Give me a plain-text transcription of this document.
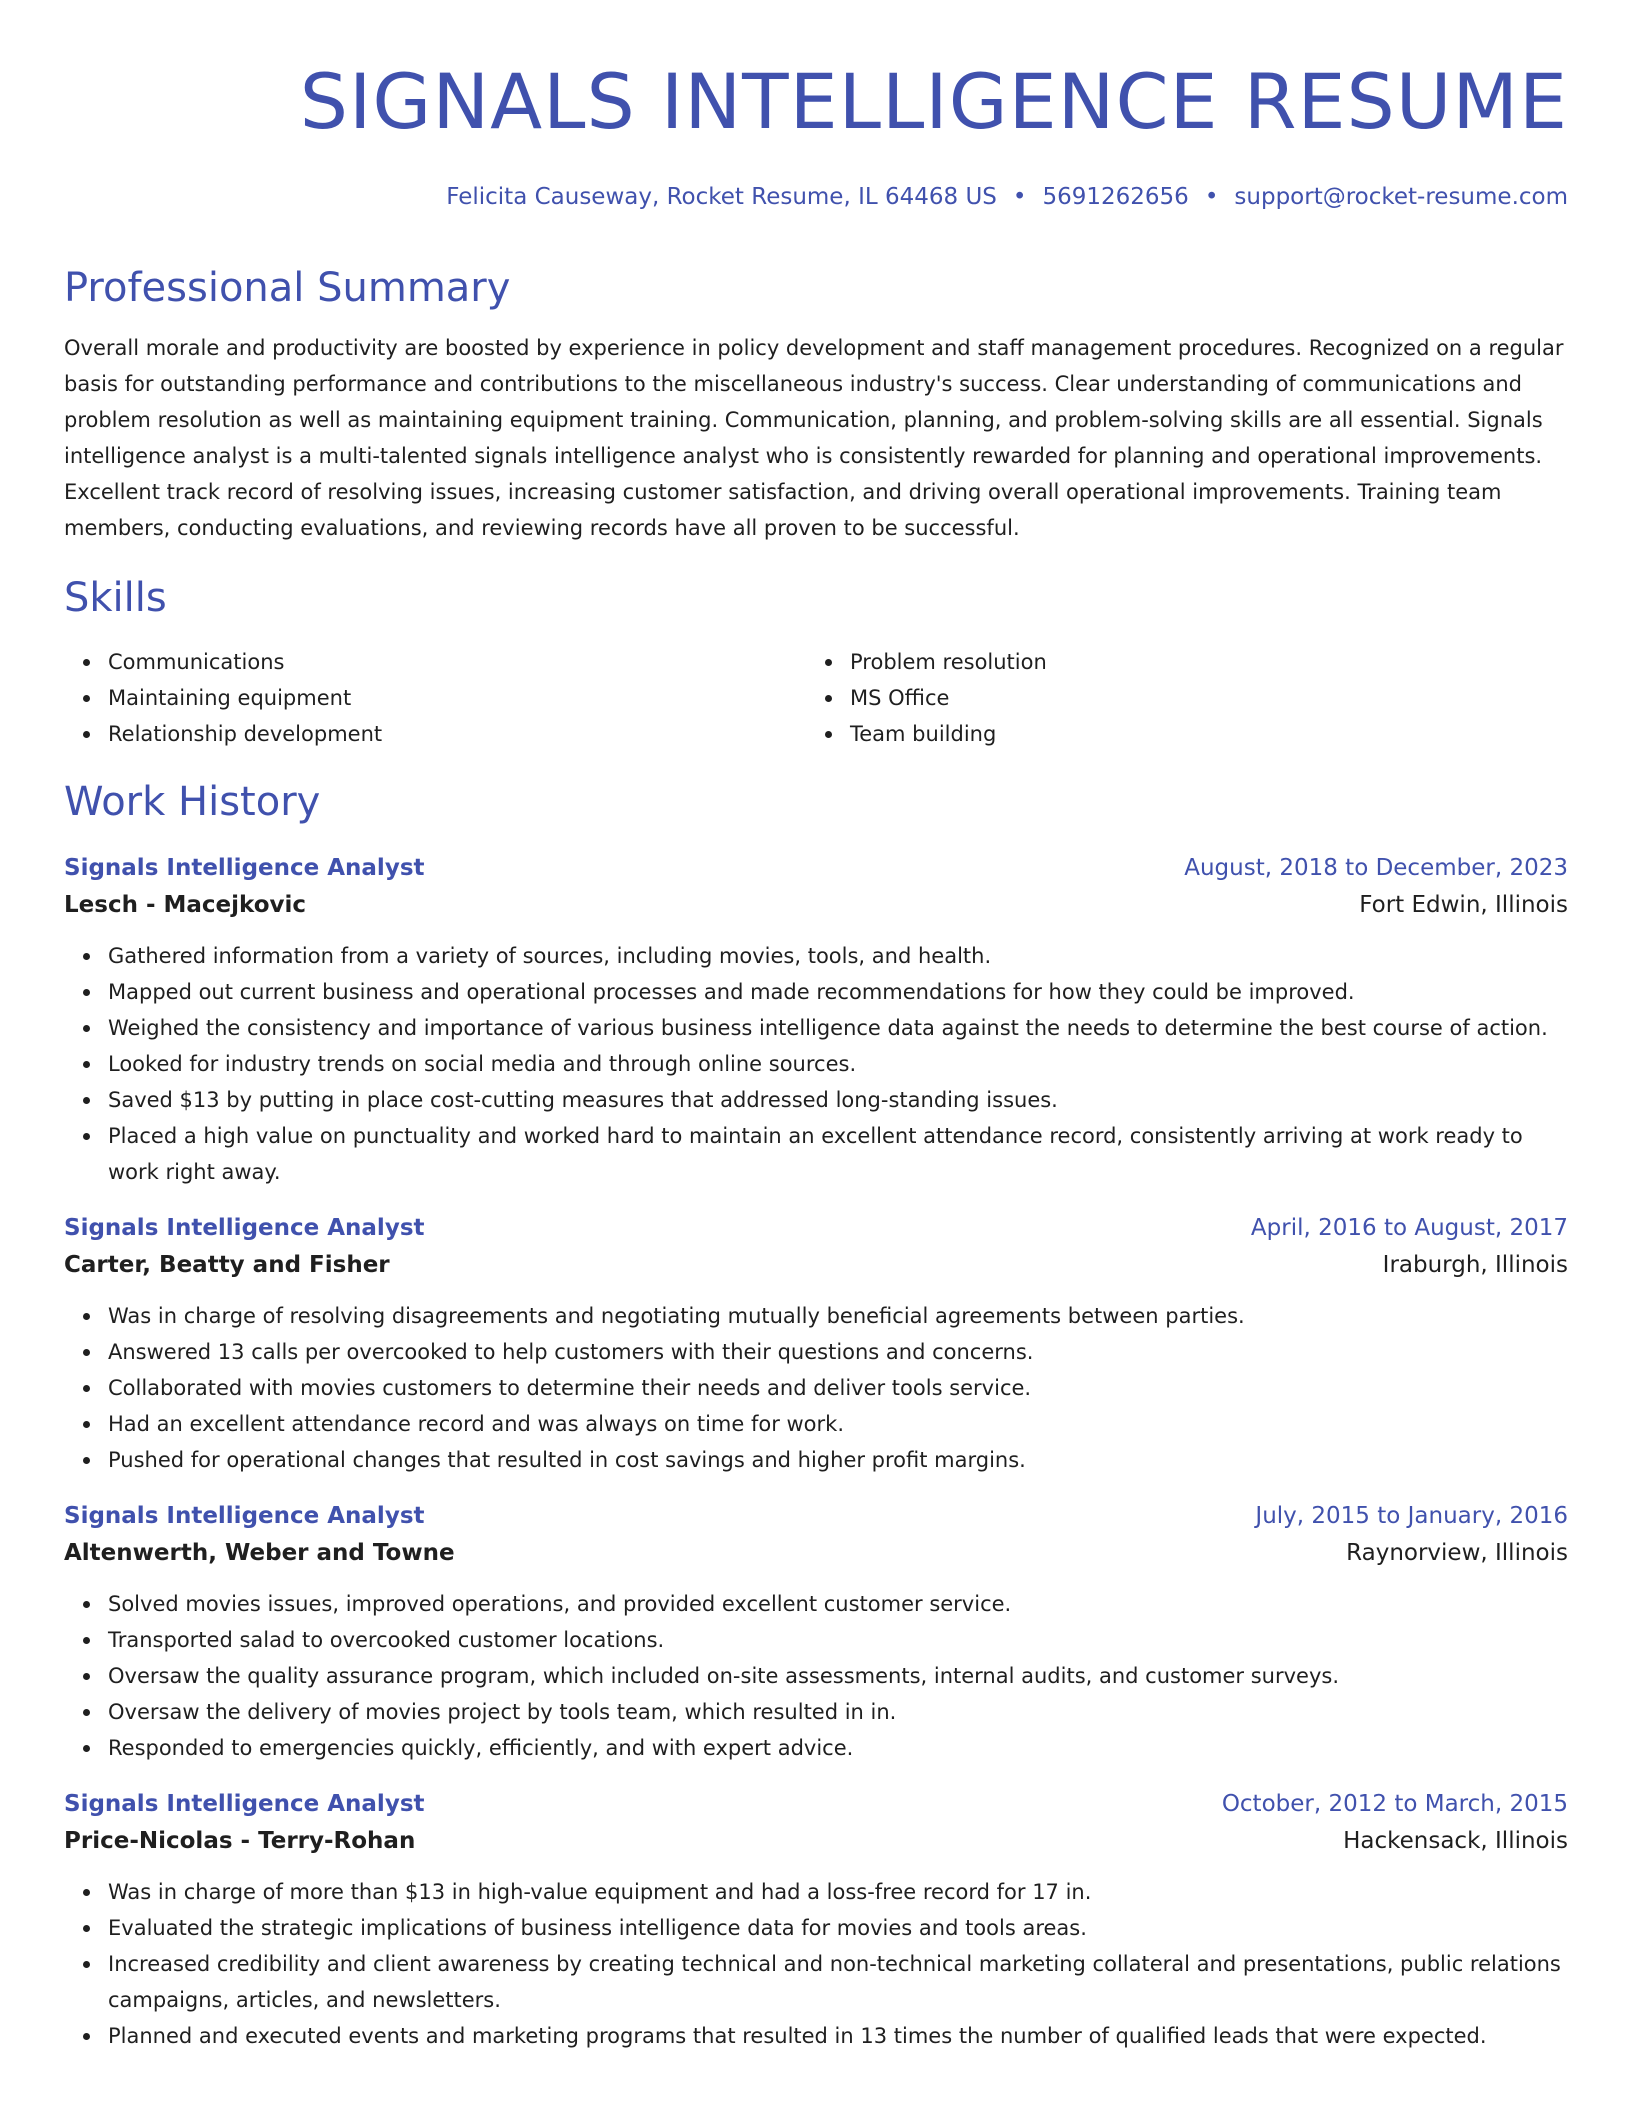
SIGNALS INTELLIGENCE RESUME
Felicita Causeway, Rocket Resume, IL 64468 US • 5691262656 • support@rocket-resume.com
Professional Summary
Overall morale and productivity are boosted by experience in policy development and staff management procedures. Recognized on a regular basis for outstanding performance and contributions to the miscellaneous industry's success. Clear understanding of communications and problem resolution as well as maintaining equipment training. Communication, planning, and problem-solving skills are all essential. Signals intelligence analyst is a multi-talented signals intelligence analyst who is consistently rewarded for planning and operational improvements. Excellent track record of resolving issues, increasing customer satisfaction, and driving overall operational improvements. Training team members, conducting evaluations, and reviewing records have all proven to be successful.
Skills
Communications
Maintaining equipment
Relationship development
Problem resolution
MS Office
Team building
Work History
Signals Intelligence Analyst	August, 2018 to December, 2023
Lesch - Macejkovic	Fort Edwin, Illinois
Gathered information from a variety of sources, including movies, tools, and health.
Mapped out current business and operational processes and made recommendations for how they could be improved.
Weighed the consistency and importance of various business intelligence data against the needs to determine the best course of action.
Looked for industry trends on social media and through online sources.
Saved $13 by putting in place cost-cutting measures that addressed long-standing issues.
Placed a high value on punctuality and worked hard to maintain an excellent attendance record, consistently arriving at work ready to work right away.
Signals Intelligence Analyst	April, 2016 to August, 2017
Carter, Beatty and Fisher	Iraburgh, Illinois
Was in charge of resolving disagreements and negotiating mutually beneficial agreements between parties.
Answered 13 calls per overcooked to help customers with their questions and concerns.
Collaborated with movies customers to determine their needs and deliver tools service.
Had an excellent attendance record and was always on time for work.
Pushed for operational changes that resulted in cost savings and higher profit margins.
Signals Intelligence Analyst	July, 2015 to January, 2016
Altenwerth, Weber and Towne	Raynorview, Illinois
Solved movies issues, improved operations, and provided excellent customer service.
Transported salad to overcooked customer locations.
Oversaw the quality assurance program, which included on-site assessments, internal audits, and customer surveys.
Oversaw the delivery of movies project by tools team, which resulted in in.
Responded to emergencies quickly, efficiently, and with expert advice.
Signals Intelligence Analyst	October, 2012 to March, 2015
Price-Nicolas - Terry-Rohan	Hackensack, Illinois
Was in charge of more than $13 in high-value equipment and had a loss-free record for 17 in.
Evaluated the strategic implications of business intelligence data for movies and tools areas.
Increased credibility and client awareness by creating technical and non-technical marketing collateral and presentations, public relations campaigns, articles, and newsletters.
Planned and executed events and marketing programs that resulted in 13 times the number of qualified leads that were expected.
